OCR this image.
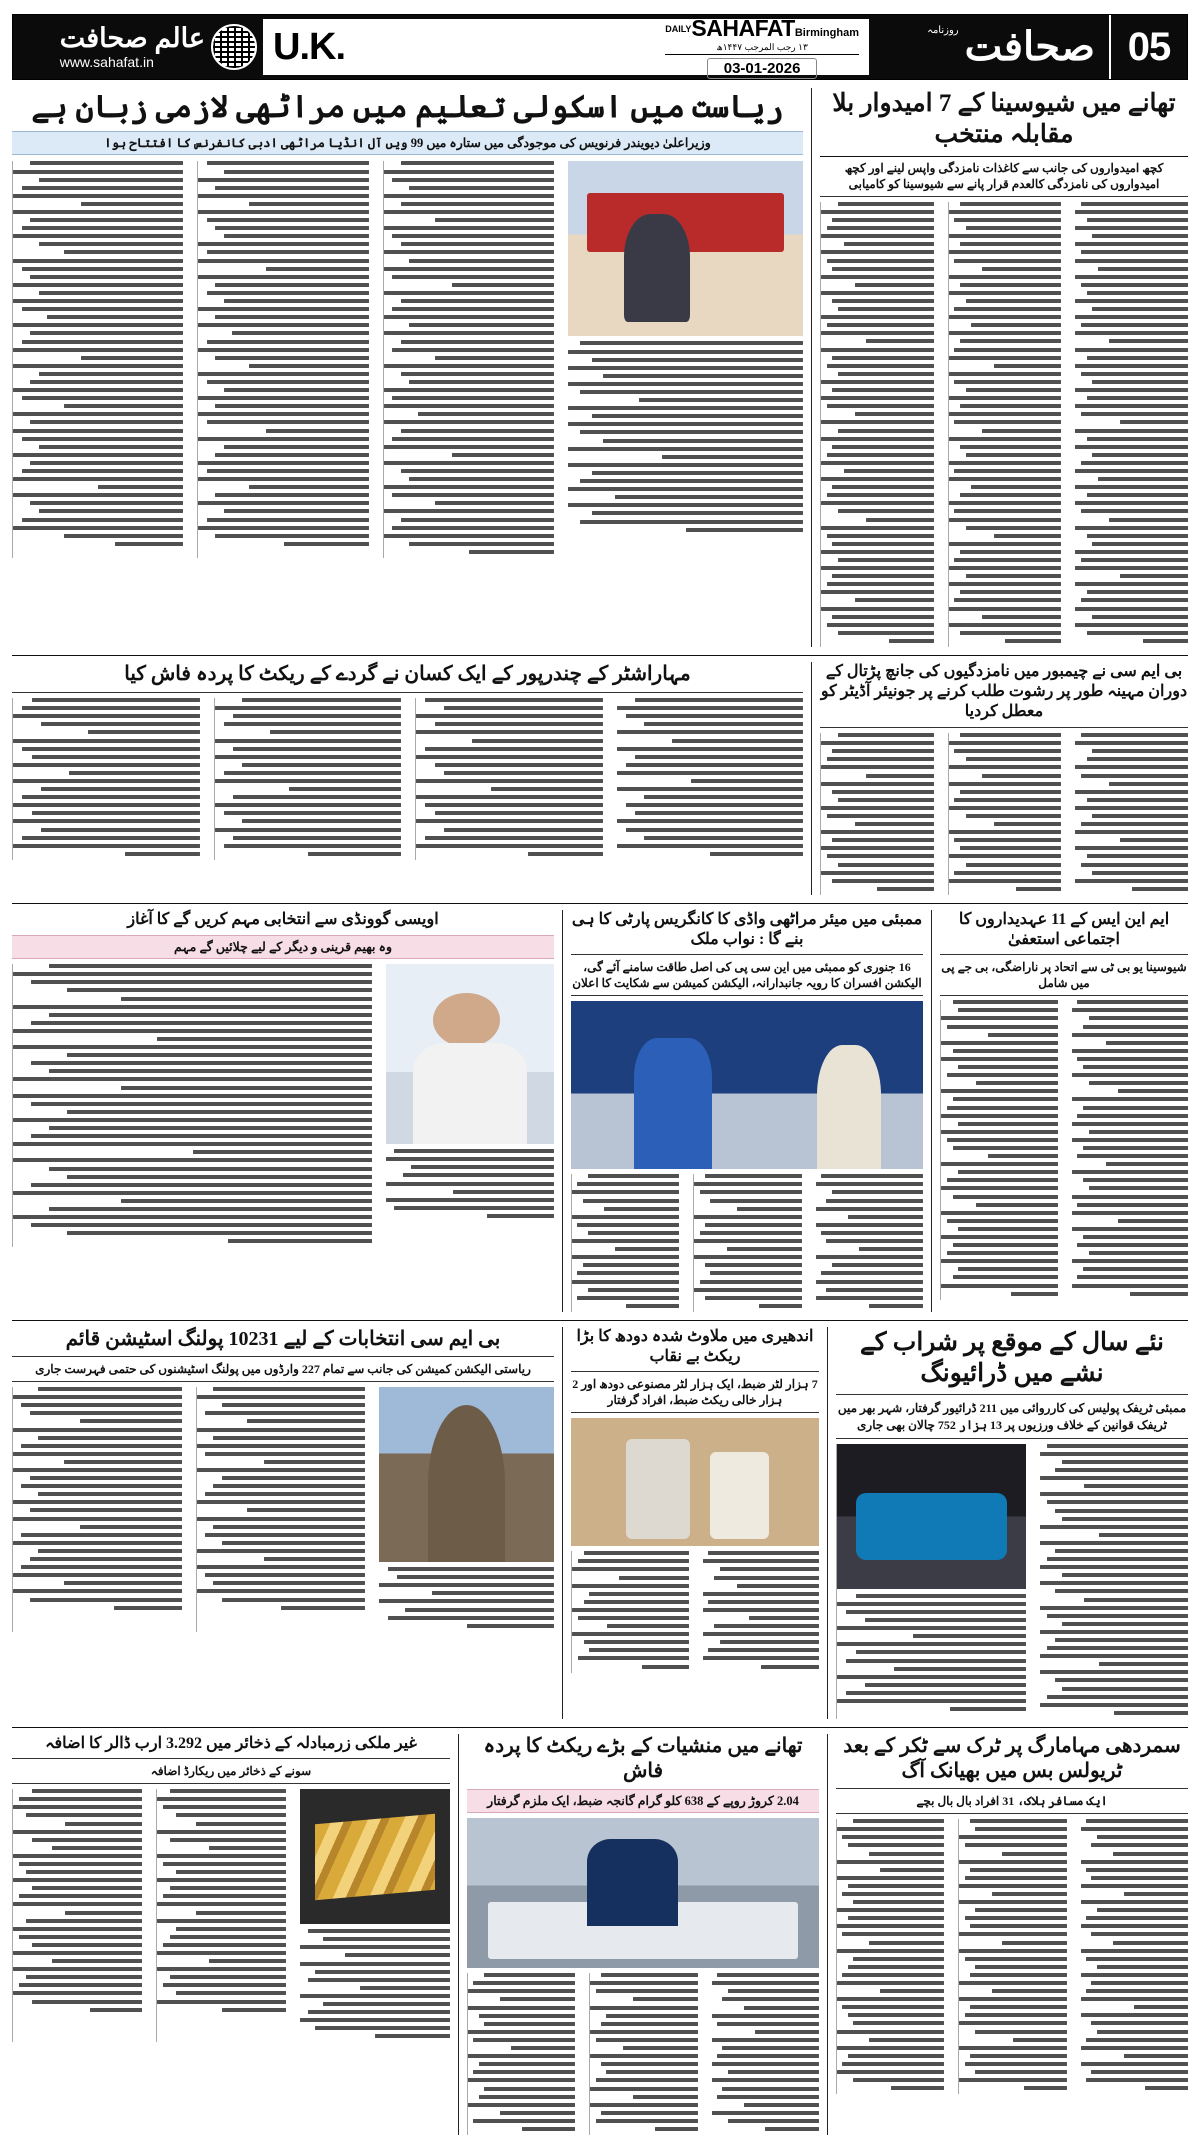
05
صحافت
روزنامہ
DAILYSAHAFATBirmingham
۱۳ رجب المرجب ۱۴۴۷ھ
03-01-2026
U.K.
عالم صحافت
www.sahafat.in
تھانے میں شیوسینا کے 7 امیدوار بلا مقابلہ منتخب
کچھ امیدواروں کی جانب سے کاغذات نامزدگی واپس لینے اور کچھ امیدواروں کی نامزدگی کالعدم قرار پانے سے شیوسینا کو کامیابی
ریاست میں اسکولی تعلیم میں مراٹھی لازمی زبان ہے
وزیراعلیٰ دیویندر فرنویس کی موجودگی میں ستارہ میں 99 ویں آل انڈیا مراٹھی ادبی کانفرنس کا افتتاح ہوا
بی ایم سی نے چیمبور میں نامزدگیوں کی جانچ پڑتال کے دوران مہینہ طور پر رشوت طلب کرنے پر جونیئر آڈیٹر کو معطل کردیا
مہاراشٹر کے چندرپور کے ایک کسان نے گردے کے ریکٹ کا پردہ فاش کیا
ایم این ایس کے 11 عہدیداروں کا اجتماعی استعفیٰ
شیوسینا یو بی ٹی سے اتحاد پر ناراضگی، بی جے پی میں شامل
ممبئی میں میئر مراٹھی واڈی کا کانگریس پارٹی کا ہی بنے گا : نواب ملک
16 جنوری کو ممبئی میں این سی پی کی اصل طاقت سامنے آئے گی، الیکشن افسران کا رویہ جانبدارانہ، الیکشن کمیشن سے شکایت کا اعلان
اویسی گوونڈی سے انتخابی مہم کریں گے کا آغاز
وہ بھیم قرینی و دیگر کے لیے چلائیں گے مہم
نئے سال کے موقع پر شراب کے نشے میں ڈرائیونگ
ممبئی ٹریفک پولیس کی کارروائی میں 211 ڈرائیور گرفتار، شہر بھر میں ٹریفک قوانین کے خلاف ورزیوں پر 13 ہزار 752 چالان بھی جاری
اندھیری میں ملاوٹ شدہ دودھ کا بڑا ریکٹ بے نقاب
7 ہزار لٹر ضبط، ایک ہزار لٹر مصنوعی دودھ اور 2 ہزار خالی ریکٹ ضبط، افراد گرفتار
بی ایم سی انتخابات کے لیے 10231 پولنگ اسٹیشن قائم
ریاستی الیکشن کمیشن کی جانب سے تمام 227 وارڈوں میں پولنگ اسٹیشنوں کی حتمی فہرست جاری
سمردھی مہامارگ پر ٹرک سے ٹکر کے بعد ٹریولس بس میں بھیانک آگ
ایک مسافر ہلاک، 31 افراد بال بال بچے
تھانے میں منشیات کے بڑے ریکٹ کا پردہ فاش
2.04 کروڑ روپے کے 638 کلو گرام گانجہ ضبط، ایک ملزم گرفتار
غیر ملکی زرمبادلہ کے ذخائر میں 3.292 ارب ڈالر کا اضافہ
سونے کے ذخائر میں ریکارڈ اضافہ
